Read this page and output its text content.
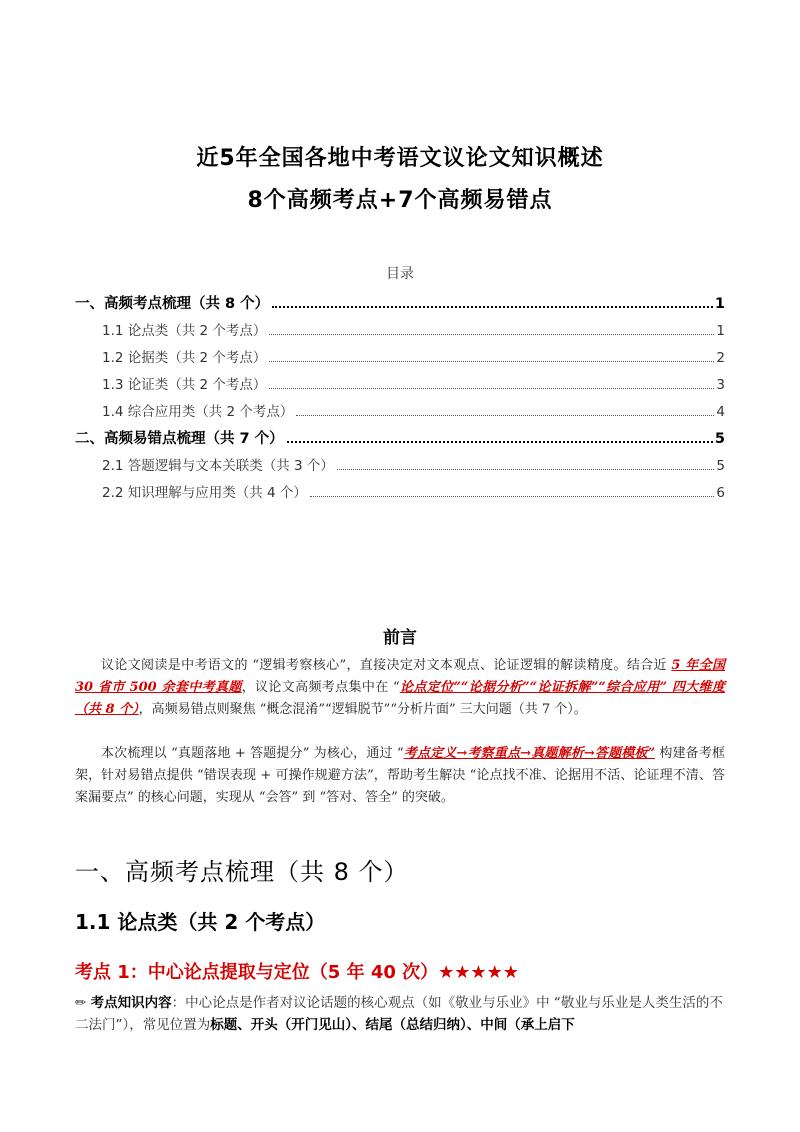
近5年全国各地中考语文议论文知识概述
8个高频考点+7个高频易错点
目录
一、高频考点梳理（共 8 个）	1
1.1 论点类（共 2 个考点）	1
1.2 论据类（共 2 个考点）	2
1.3 论证类（共 2 个考点）	3
1.4 综合应用类（共 2 个考点）	4
二、高频易错点梳理（共 7 个）	5
2.1 答题逻辑与文本关联类（共 3 个）	5
2.2 知识理解与应用类（共 4 个）	6
前言

议论文阅读是中考语文的 “逻辑考察核心”，直接决定对文本观点、论证逻辑的解读精度。结合近 5 年全国 30 省市 500 余套中考真题，议论文高频考点集中在 “论点定位”“论据分析”“论证拆解”“综合应用” 四大维度（共 8 个），高频易错点则聚焦 “概念混淆”“逻辑脱节”“分析片面” 三大问题（共 7 个）。

本次梳理以 “真题落地 + 答题提分” 为核心，通过 “考点定义→考察重点→真题解析→答题模板” 构建备考框架，针对易错点提供 “错误表现 + 可操作规避方法”，帮助考生解决 “论点找不准、论据用不活、论证理不清、答案漏要点” 的核心问题，实现从 “会答” 到 “答对、答全” 的突破。

一、高频考点梳理（共 8 个）
1.1 论点类（共 2 个考点）
考点 1：中心论点提取与定位（5 年 40 次）★★★★★
✏ 考点知识内容：中心论点是作者对议论话题的核心观点（如《敬业与乐业》中 “敬业与乐业是人类生活的不二法门”），常见位置为标题、开头（开门见山）、结尾（总结归纳）、中间（承上启下
